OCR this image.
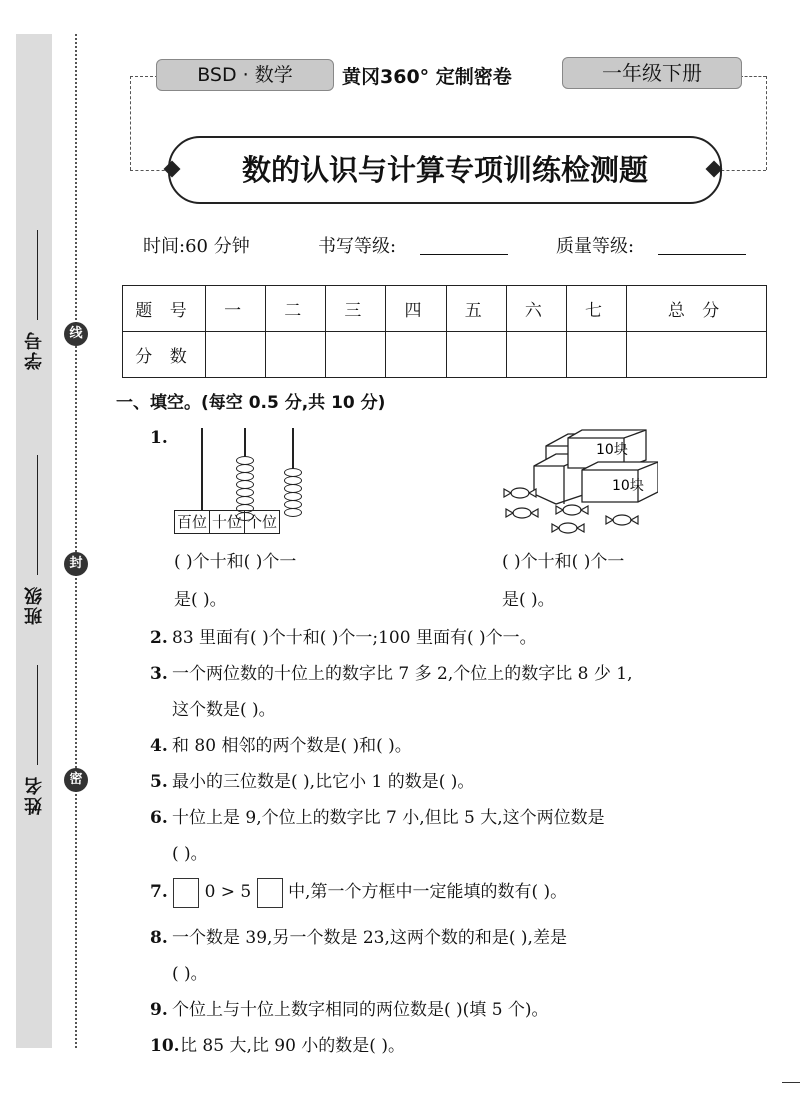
学号
班级
姓名
线
封
密
BSD · 数学	黄冈360° 定制密卷	一年级下册
数的认识与计算专项训练检测题
时间:60 分钟	书写等级:	质量等级:
题 号	一	二	三	四	五	六	七	总 分
分 数								
一、填空。(每空 0.5 分,共 10 分)
1.
百位 十位 个位
10块
10块
( )个十和( )个一
是( )。
( )个十和( )个一
是( )。
2. 83 里面有( )个十和( )个一;100 里面有( )个一。
3. 一个两位数的十位上的数字比 7 多 2,个位上的数字比 8 少 1,
这个数是( )。
4. 和 80 相邻的两个数是( )和( )。
5. 最小的三位数是( ),比它小 1 的数是( )。
6. 十位上是 9,个位上的数字比 7 小,但比 5 大,这个两位数是
( )。
7. 0 > 5 中,第一个方框中一定能填的数有( )。
8. 一个数是 39,另一个数是 23,这两个数的和是( ),差是
( )。
9. 个位上与十位上数字相同的两位数是( )(填 5 个)。
10. 比 85 大,比 90 小的数是( )。
